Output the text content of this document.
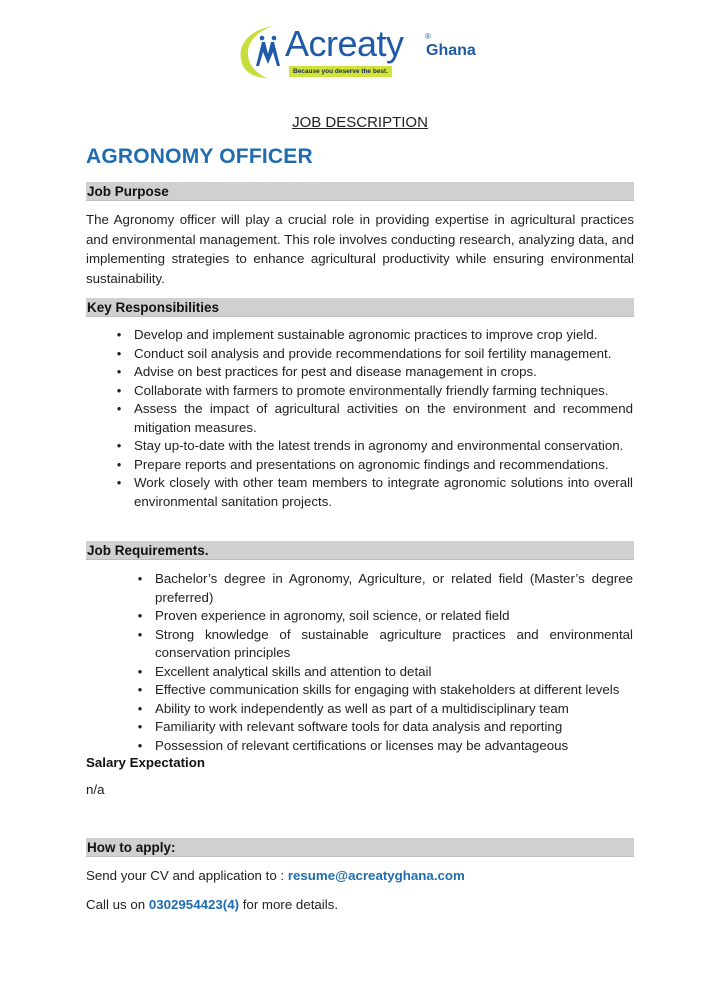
Acreaty	®
Ghana
Because you deserve the best.
JOB DESCRIPTION
AGRONOMY OFFICER
Job Purpose
The Agronomy officer will play a crucial role in providing expertise in agricultural practices and environmental management. This role involves conducting research, analyzing data, and implementing strategies to enhance agricultural productivity while ensuring environmental sustainability.
Key Responsibilities
• Develop and implement sustainable agronomic practices to improve crop yield.
• Conduct soil analysis and provide recommendations for soil fertility management.
• Advise on best practices for pest and disease management in crops.
• Collaborate with farmers to promote environmentally friendly farming techniques.
• Assess the impact of agricultural activities on the environment and recommend mitigation measures.
• Stay up-to-date with the latest trends in agronomy and environmental conservation.
• Prepare reports and presentations on agronomic findings and recommendations.
• Work closely with other team members to integrate agronomic solutions into overall environmental sanitation projects.
Job Requirements.
• Bachelor’s degree in Agronomy, Agriculture, or related field (Master’s degree preferred)
• Proven experience in agronomy, soil science, or related field
• Strong knowledge of sustainable agriculture practices and environmental conservation principles
• Excellent analytical skills and attention to detail
• Effective communication skills for engaging with stakeholders at different levels
• Ability to work independently as well as part of a multidisciplinary team
• Familiarity with relevant software tools for data analysis and reporting
• Possession of relevant certifications or licenses may be advantageous
Salary Expectation
n/a
How to apply:
Send your CV and application to : resume@acreatyghana.com
Call us on 0302954423(4) for more details.
